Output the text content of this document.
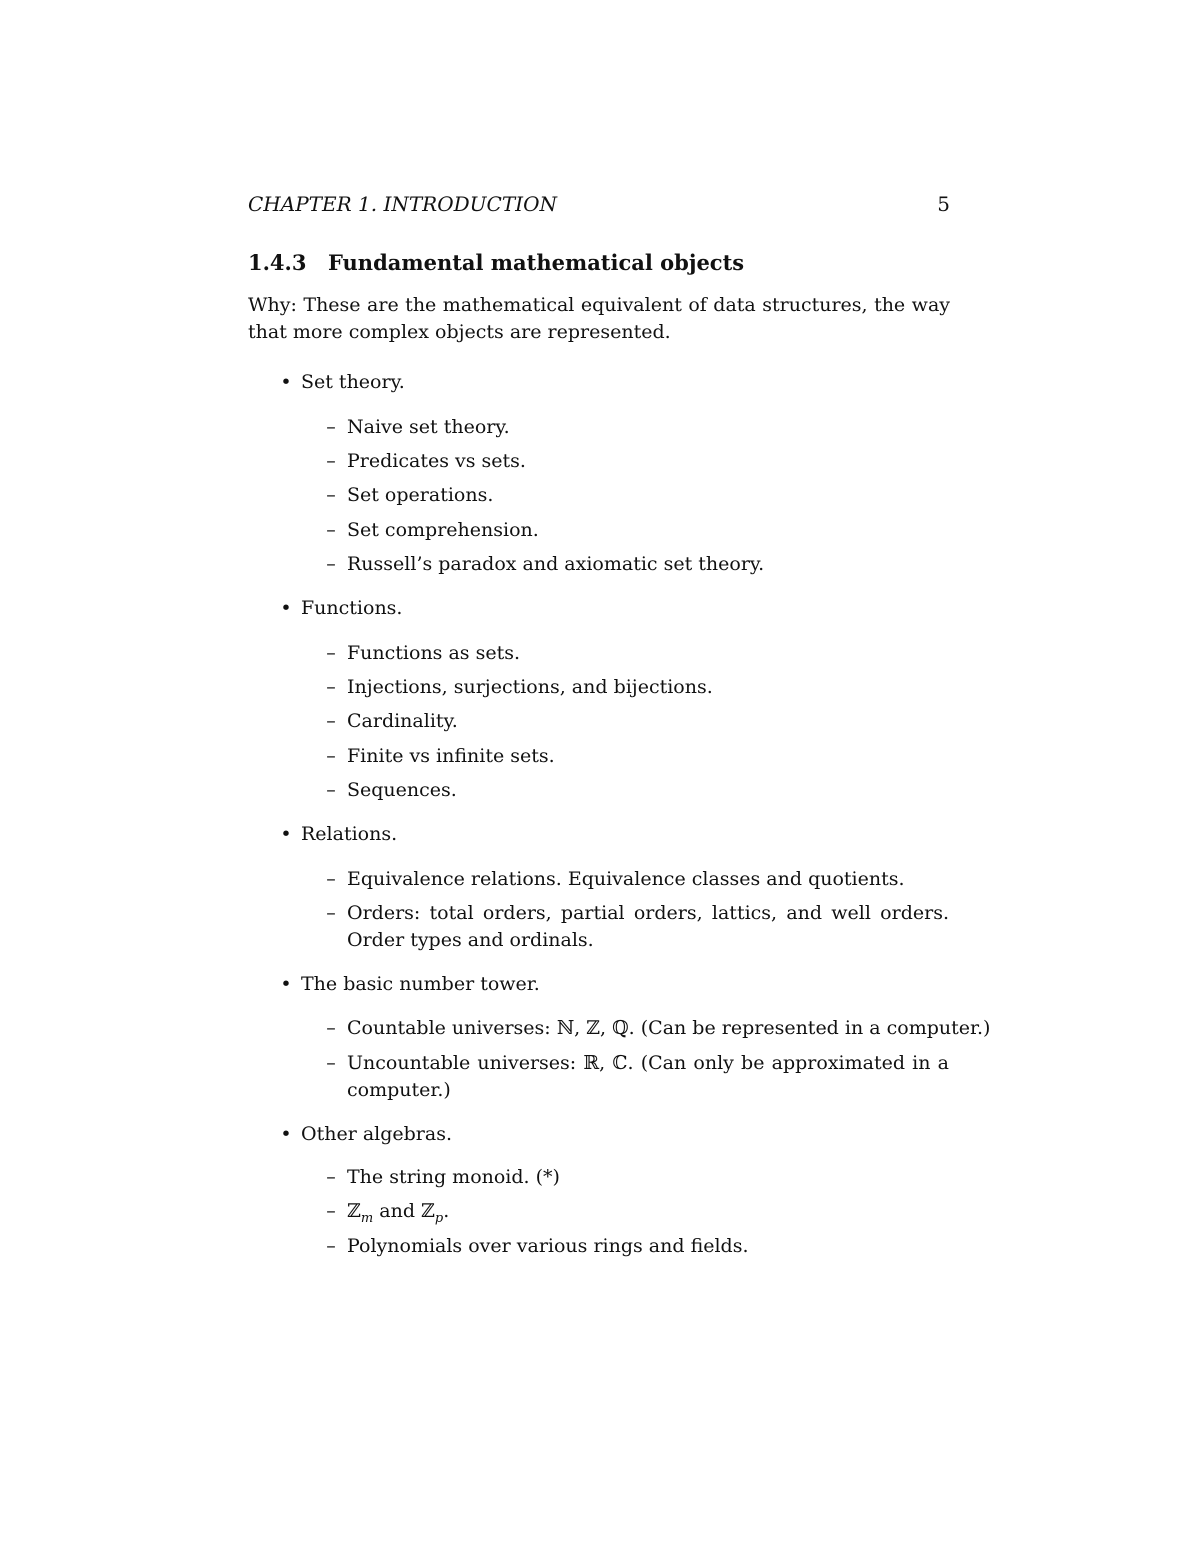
CHAPTER 1. INTRODUCTION	5
1.4.3 Fundamental mathematical objects
Why: These are the mathematical equivalent of data structures, the way that more complex objects are represented.
• Set theory.
– Naive set theory.
– Predicates vs sets.
– Set operations.
– Set comprehension.
– Russell’s paradox and axiomatic set theory.
• Functions.
– Functions as sets.
– Injections, surjections, and bijections.
– Cardinality.
– Finite vs infinite sets.
– Sequences.
• Relations.
– Equivalence relations. Equivalence classes and quotients.
– Orders: total orders, partial orders, lattics, and well orders. Order types and ordinals.
• The basic number tower.
– Countable universes: ℕ, ℤ, ℚ. (Can be represented in a computer.)
– Uncountable universes: ℝ, ℂ. (Can only be approximated in a computer.)
• Other algebras.
– The string monoid. (*)
– ℤ$_m$ and ℤ$_p$.
– Polynomials over various rings and fields.
